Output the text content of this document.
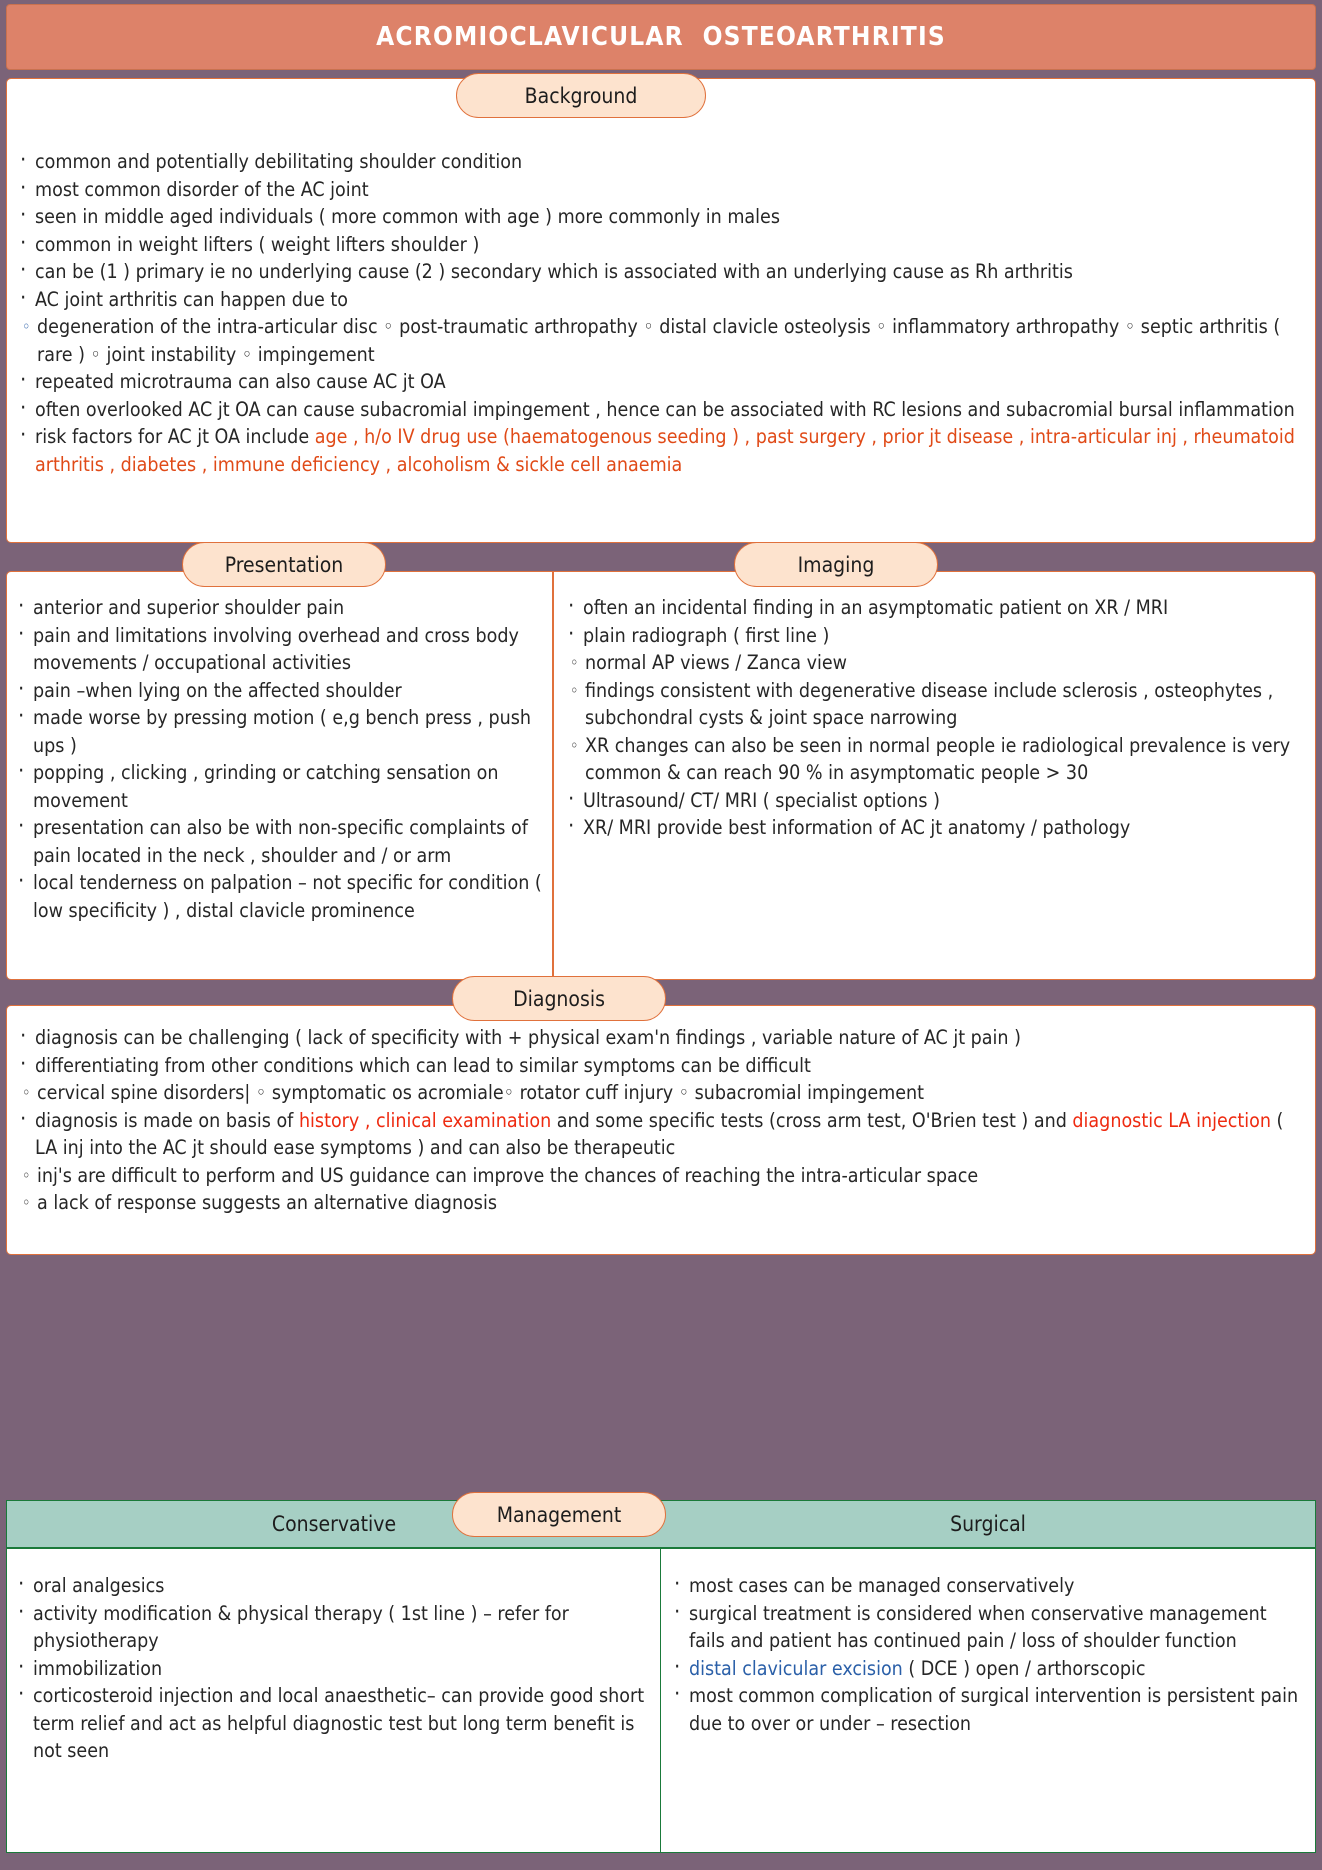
ACROMIOCLAVICULAR  OSTEOARTHRITIS
Background
· common and potentially debilitating shoulder condition
· most common disorder of the AC joint
· seen in middle aged individuals ( more common with age ) more commonly in males
· common in weight lifters ( weight lifters shoulder )
· can be (1 ) primary ie no underlying cause (2 ) secondary which is associated with an underlying cause as Rh arthritis
· AC joint arthritis can happen due to
◦ degeneration of the intra-articular disc ◦ post-traumatic arthropathy ◦ distal clavicle osteolysis ◦ inflammatory arthropathy ◦ septic arthritis ( rare ) ◦ joint instability ◦ impingement
· repeated microtrauma can also cause AC jt OA
· often overlooked AC jt OA can cause subacromial impingement , hence can be associated with RC lesions and subacromial bursal inflammation
· risk factors for AC jt OA include age , h/o IV drug use (haematogenous seeding ) , past surgery , prior jt disease , intra-articular inj , rheumatoid arthritis , diabetes , immune deficiency , alcoholism & sickle cell anaemia
Presentation	Imaging
· anterior and superior shoulder pain
· pain and limitations involving overhead and cross body movements / occupational activities
· pain –when lying on the affected shoulder
· made worse by pressing motion ( e,g bench press , push ups )
· popping , clicking , grinding or catching sensation on movement
· presentation can also be with non-specific complaints of pain located in the neck , shoulder and / or arm
· local tenderness on palpation – not specific for condition ( low specificity ) , distal clavicle prominence
· often an incidental finding in an asymptomatic patient on XR / MRI
· plain radiograph ( first line )
◦ normal AP views / Zanca view
◦ findings consistent with degenerative disease include sclerosis , osteophytes , subchondral cysts & joint space narrowing
◦ XR changes can also be seen in normal people ie radiological prevalence is very common & can reach 90 % in asymptomatic people > 30
· Ultrasound/ CT/ MRI ( specialist options )
· XR/ MRI provide best information of AC jt anatomy / pathology
Diagnosis
· diagnosis can be challenging ( lack of specificity with + physical exam'n findings , variable nature of AC jt pain )
· differentiating from other conditions which can lead to similar symptoms can be difficult
◦ cervical spine disorders| ◦ symptomatic os acromiale◦ rotator cuff injury ◦ subacromial impingement
· diagnosis is made on basis of history , clinical examination and some specific tests (cross arm test, O'Brien test ) and diagnostic LA injection ( LA inj into the AC jt should ease symptoms ) and can also be therapeutic
◦ inj's are difficult to perform and US guidance can improve the chances of reaching the intra-articular space
◦ a lack of response suggests an alternative diagnosis
Conservative	Surgical
Management
· oral analgesics
· activity modification & physical therapy ( 1st line ) – refer for physiotherapy
· immobilization
· corticosteroid injection and local anaesthetic– can provide good short term relief and act as helpful diagnostic test but long term benefit is not seen
· most cases can be managed conservatively
· surgical treatment is considered when conservative management fails and patient has continued pain / loss of shoulder function
· distal clavicular excision ( DCE ) open / arthorscopic
· most common complication of surgical intervention is persistent pain due to over or under – resection
